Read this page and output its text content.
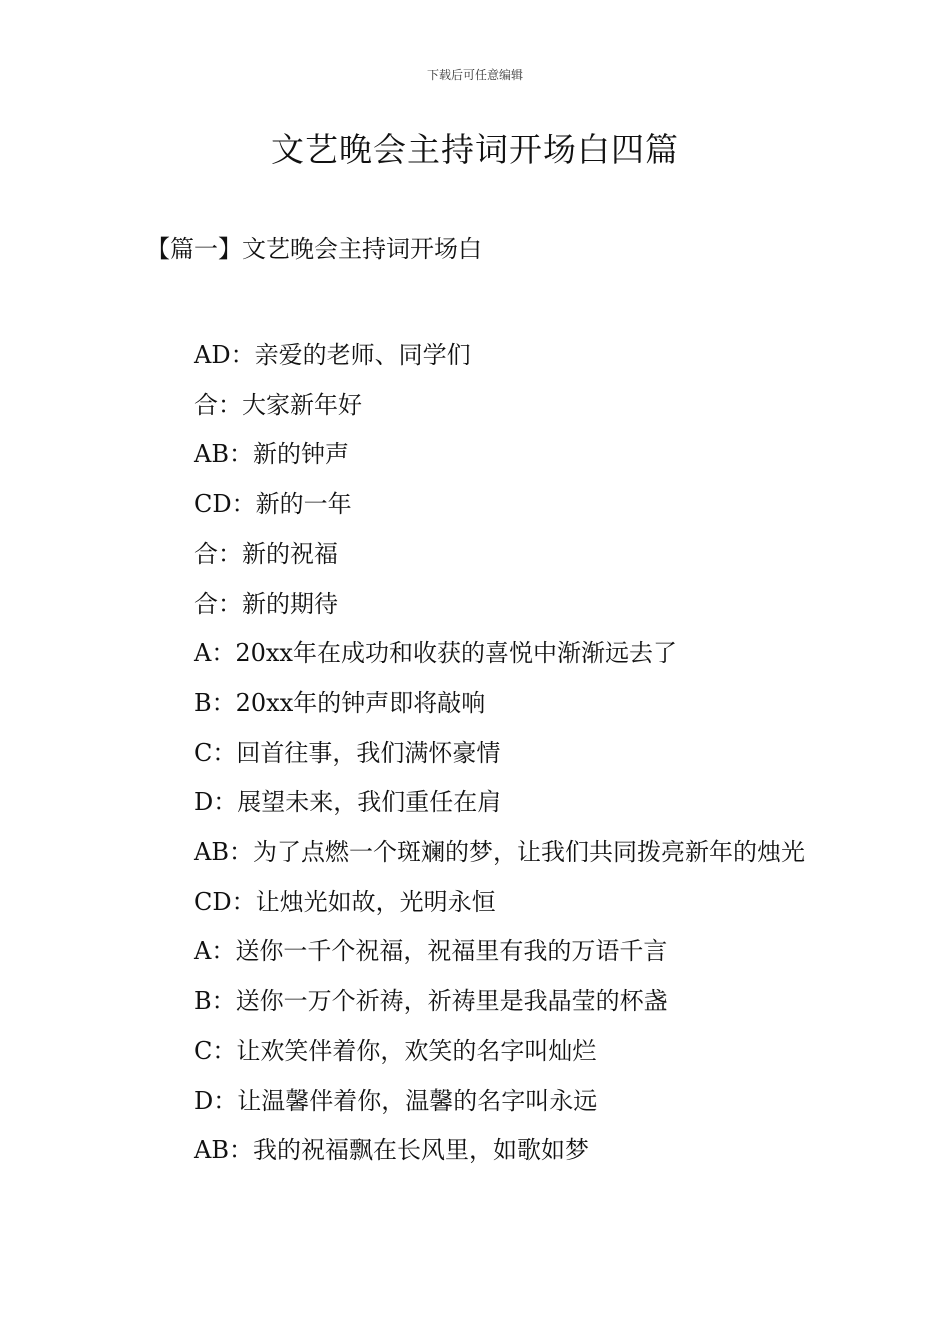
下载后可任意编辑
文艺晚会主持词开场白四篇
【篇一】文艺晚会主持词开场白
AD：亲爱的老师、同学们
合：大家新年好
AB：新的钟声
CD：新的一年
合：新的祝福
合：新的期待
A：20xx年在成功和收获的喜悦中渐渐远去了
B：20xx年的钟声即将敲响
C：回首往事，我们满怀豪情
D：展望未来，我们重任在肩
AB：为了点燃一个斑斓的梦，让我们共同拨亮新年的烛光
CD：让烛光如故，光明永恒
A：送你一千个祝福，祝福里有我的万语千言
B：送你一万个祈祷，祈祷里是我晶莹的杯盏
C：让欢笑伴着你，欢笑的名字叫灿烂
D：让温馨伴着你，温馨的名字叫永远
AB：我的祝福飘在长风里，如歌如梦
